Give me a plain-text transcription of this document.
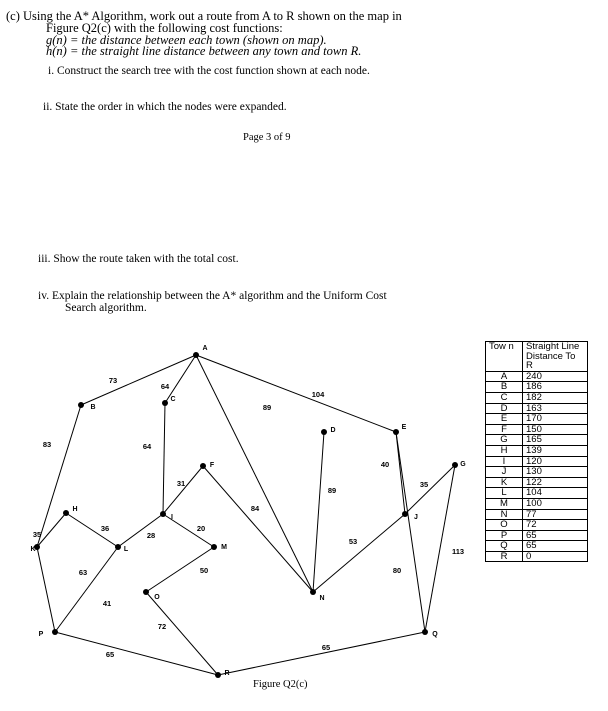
(c) Using the A* Algorithm, work out a route from A to R shown on the map in
Figure Q2(c) with the following cost functions:
g(n) = the distance between each town (shown on map).
h(n) = the straight line distance between any town and town R.
i. Construct the search tree with the cost function shown at each node.
ii. State the order in which the nodes were expanded.
Page 3 of 9
iii. Show the route taken with the total cost.
iv. Explain the relationship between the A* algorithm and the Uniform Cost
Search algorithm.
73
64
89
104
83	64
89
80
40
35
113
31
84
35
36
28
20
53
63
41
50
72
65
65
A
B
C
D	E
F	G
H
I	J
K	L	M
N
O
P	Q
R
Figure Q2(c)
Tow n	Straight Line Distance To R
A	240
B	186
C	182
D	163
E	170
F	150
G	165
H	139
I	120
J	130
K	122
L	104
M	100
N	77
O	72
P	65
Q	65
R	0
